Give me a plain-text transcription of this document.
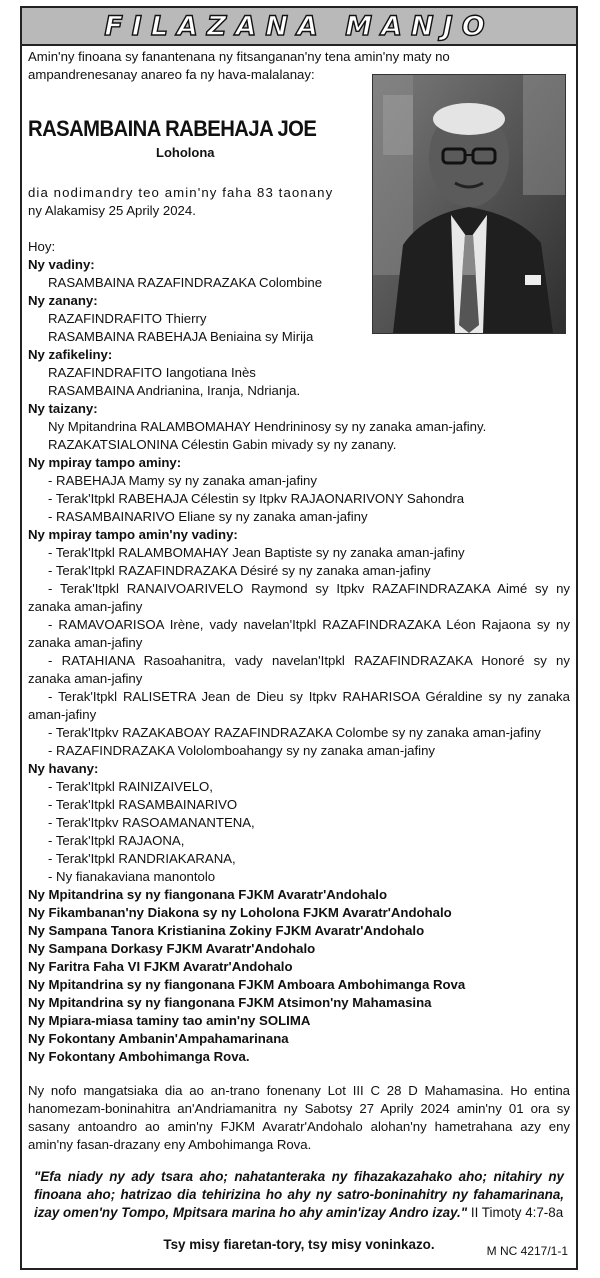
FILAZANA MANJO
Amin'ny finoana sy fanantenana ny fitsanganan'ny tena amin'ny maty no ampandrenesanay anareo fa ny hava-malalanay:
RASAMBAINA RABEHAJA JOE
Loholona
dia nodimandry teo amin'ny faha 83 taonany
ny Alakamisy 25 Aprily 2024.
Hoy:
Ny vadiny:
RASAMBAINA RAZAFINDRAZAKA Colombine
Ny zanany:
RAZAFINDRAFITO Thierry
RASAMBAINA RABEHAJA Beniaina sy Mirija
Ny zafikeliny:
RAZAFINDRAFITO Iangotiana Inès
RASAMBAINA Andrianina, Iranja, Ndrianja.
Ny taizany:
Ny Mpitandrina RALAMBOMAHAY Hendrininosy sy ny zanaka aman-jafiny.
RAZAKATSIALONINA Célestin Gabin mivady sy ny zanany.
Ny mpiray tampo aminy:
- RABEHAJA Mamy sy ny zanaka aman-jafiny
- Terak'Itpkl RABEHAJA Célestin sy Itpkv RAJAONARIVONY Sahondra
- RASAMBAINARIVO Eliane sy ny zanaka aman-jafiny
Ny mpiray tampo amin'ny vadiny:
- Terak'Itpkl RALAMBOMAHAY Jean Baptiste sy ny zanaka aman-jafiny
- Terak'Itpkl RAZAFINDRAZAKA Désiré sy ny zanaka aman-jafiny
- Terak'Itpkl RANAIVOARIVELO Raymond sy Itpkv RAZAFINDRAZAKA Aimé sy ny zanaka aman-jafiny
- RAMAVOARISOA Irène, vady navelan'Itpkl RAZAFINDRAZAKA Léon Rajaona sy ny zanaka aman-jafiny
- RATAHIANA Rasoahanitra, vady navelan'Itpkl RAZAFINDRAZAKA Honoré sy ny zanaka aman-jafiny
- Terak'Itpkl RALISETRA Jean de Dieu sy Itpkv RAHARISOA Géraldine sy ny zanaka aman-jafiny
- Terak'Itpkv RAZAKABOAY RAZAFINDRAZAKA Colombe sy ny zanaka aman-jafiny
- RAZAFINDRAZAKA Vololomboahangy sy ny zanaka aman-jafiny
Ny havany:
- Terak'Itpkl RAINIZAIVELO,
- Terak'Itpkl RASAMBAINARIVO
- Terak'Itpkv RASOAMANANTENA,
- Terak'Itpkl RAJAONA,
- Terak'Itpkl RANDRIAKARANA,
- Ny fianakaviana manontolo
Ny Mpitandrina sy ny fiangonana FJKM Avaratr'Andohalo
Ny Fikambanan'ny Diakona sy ny Loholona FJKM Avaratr'Andohalo
Ny Sampana Tanora Kristianina Zokiny FJKM Avaratr'Andohalo
Ny Sampana Dorkasy FJKM Avaratr'Andohalo
Ny Faritra Faha VI FJKM Avaratr'Andohalo
Ny Mpitandrina sy ny fiangonana FJKM Amboara Ambohimanga Rova
Ny Mpitandrina sy ny fiangonana FJKM Atsimon'ny Mahamasina
Ny Mpiara-miasa taminy tao amin'ny SOLIMA
Ny Fokontany Ambanin'Ampahamarinana
Ny Fokontany Ambohimanga Rova.
Ny nofo mangatsiaka dia ao an-trano fonenany Lot III C 28 D Mahamasina. Ho entina hanomezam-boninahitra an'Andriamanitra ny Sabotsy 27 Aprily 2024 amin'ny 01 ora sy sasany antoandro ao amin'ny FJKM Avaratr'Andohalo alohan'ny hametrahana azy eny amin'ny fasan-drazany eny Ambohimanga Rova.
"Efa niady ny ady tsara aho; nahatanteraka ny fihazakazahako aho; nitahiry ny finoana aho; hatrizao dia tehirizina ho ahy ny satro-boninahitry ny fahamarinana, izay omen'ny Tompo, Mpitsara marina ho ahy amin'izay Andro izay." II Timoty 4:7-8a
Tsy misy fiaretan-tory, tsy misy voninkazo.	M NC 4217/1-1
